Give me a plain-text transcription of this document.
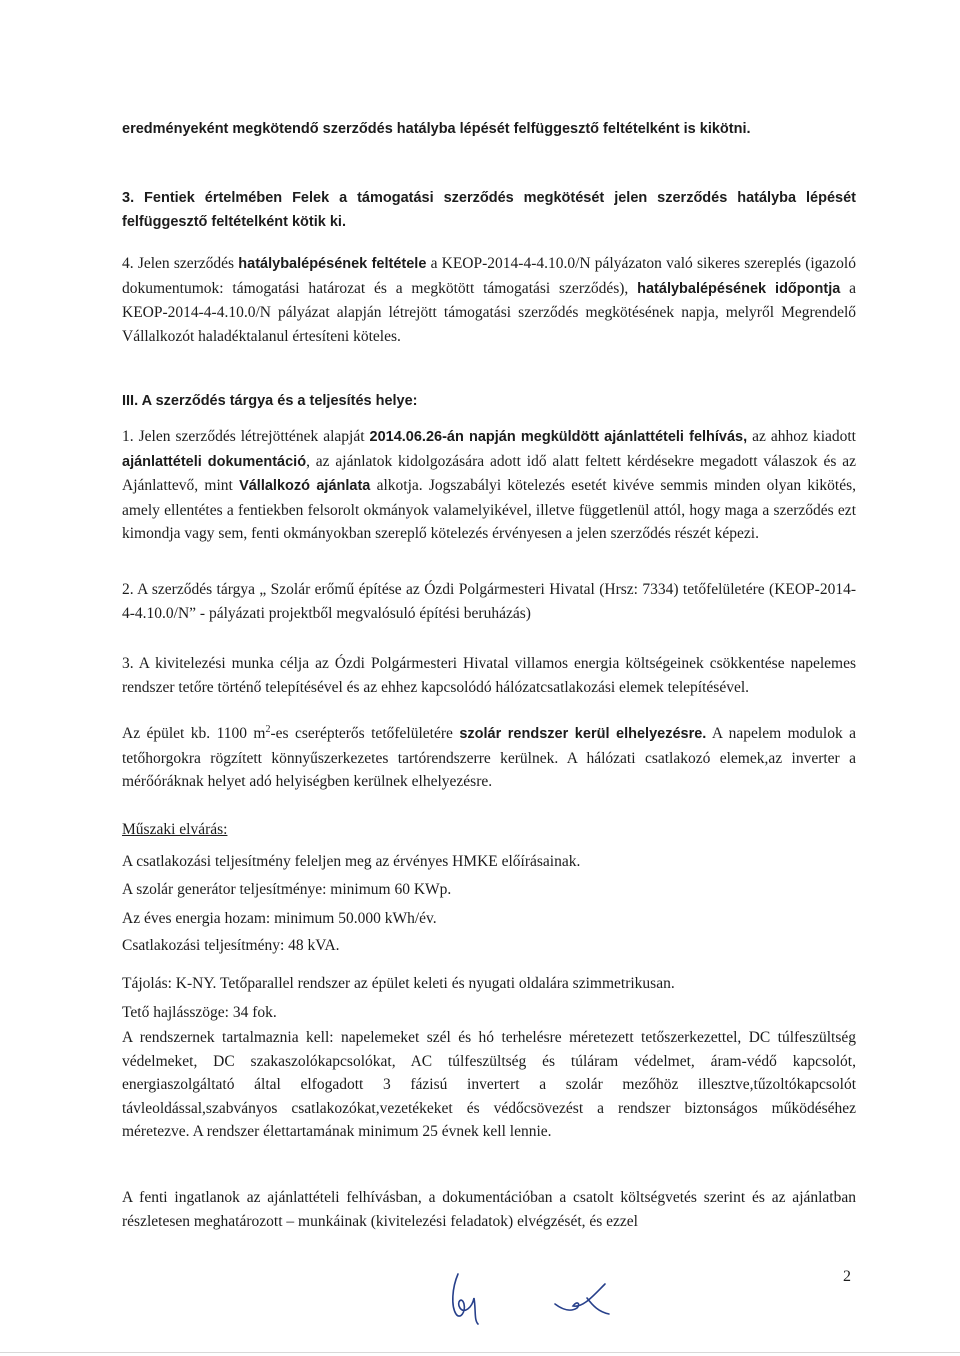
eredményeként megkötendő szerződés hatályba lépését felfüggesztő feltételként is kikötni.

3. Fentiek értelmében Felek a támogatási szerződés megkötését jelen szerződés hatályba lépését felfüggesztő feltételként kötik ki.

4. Jelen szerződés hatálybalépésének feltétele a KEOP-2014-4-4.10.0/N pályázaton való sikeres szereplés (igazoló dokumentumok: támogatási határozat és a megkötött támogatási szerződés), hatálybalépésének időpontja a KEOP-2014-4-4.10.0/N pályázat alapján létrejött támogatási szerződés megkötésének napja, melyről Megrendelő Vállalkozót haladéktalanul értesíteni köteles.

III. A szerződés tárgya és a teljesítés helye:

1. Jelen szerződés létrejöttének alapját 2014.06.26-án napján megküldött ajánlattételi felhívás, az ahhoz kiadott ajánlattételi dokumentáció, az ajánlatok kidolgozására adott idő alatt feltett kérdésekre megadott válaszok és az Ajánlattevő, mint Vállalkozó ajánlata alkotja. Jogszabályi kötelezés esetét kivéve semmis minden olyan kikötés, amely ellentétes a fentiekben felsorolt okmányok valamelyikével, illetve függetlenül attól, hogy maga a szerződés ezt kimondja vagy sem, fenti okmányokban szereplő kötelezés érvényesen a jelen szerződés részét képezi.

2. A szerződés tárgya „ Szolár erőmű építése az Ózdi Polgármesteri Hivatal (Hrsz: 7334) tetőfelületére (KEOP-2014-4-4.10.0/N” - pályázati projektből megvalósuló építési beruházás)

3. A kivitelezési munka célja az Ózdi Polgármesteri Hivatal villamos energia költségeinek csökkentése napelemes rendszer tetőre történő telepítésével és az ehhez kapcsolódó hálózatcsatlakozási elemek telepítésével.

Az épület kb. 1100 $m^2-es$ cserépterős tetőfelületére szolár rendszer kerül elhelyezésre. A napelem modulok a tetőhorgokra rögzített könnyűszerkezetes tartórendszerre kerülnek. A hálózati csatlakozó elemek,az inverter a mérőóráknak helyet adó helyiségben kerülnek elhelyezésre.

Műszaki elvárás:

A csatlakozási teljesítmény feleljen meg az érvényes HMKE előírásainak.

A szolár generátor teljesítménye: minimum 60 KWp.

Az éves energia hozam: minimum 50.000 kWh/év.

Csatlakozási teljesítmény: 48 kVA.

Tájolás: K-NY. Tetőparallel rendszer az épület keleti és nyugati oldalára szimmetrikusan.

Tető hajlásszöge: 34 fok.

A rendszernek tartalmaznia kell: napelemeket szél és hó terhelésre méretezett tetőszerkezettel, DC túlfeszültség védelmeket, DC szakaszolókapcsolókat, AC túlfeszültség és túláram védelmet, áram-védő kapcsolót, energiaszolgáltató által elfogadott 3 fázisú invertert a szolár mezőhöz illesztve,tűzoltókapcsolót távleoldással,szabványos csatlakozókat,vezetékeket és védőcsövezést a rendszer biztonságos működéséhez méretezve. A rendszer élettartamának minimum 25 évnek kell lennie.

A fenti ingatlanok az ajánlattételi felhívásban, a dokumentációban a csatolt költségvetés szerint és az ajánlatban részletesen meghatározott – munkáinak (kivitelezési feladatok) elvégzését, és ezzel

2
